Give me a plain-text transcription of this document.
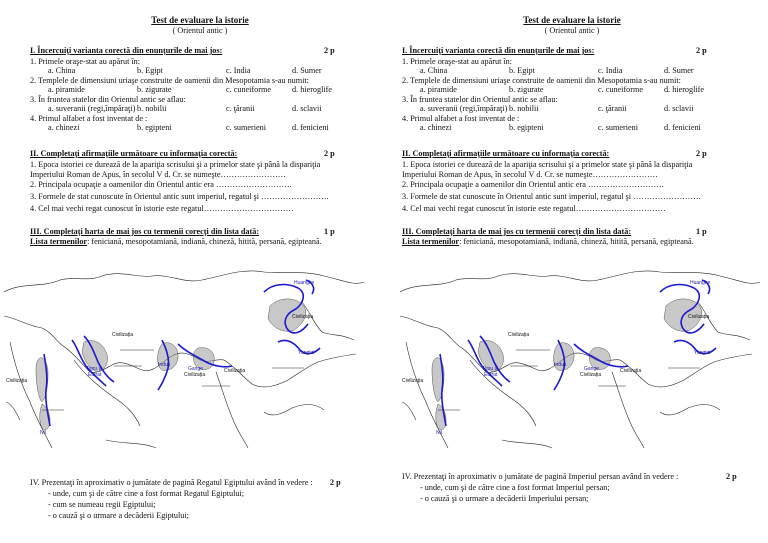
Test de evaluare la istorie
( Orientul antic )
I. Încercuiţi varianta corectă din enunţurile de mai jos:	2 p
1. Primele oraşe-stat au apărut în:
a. China	b. Egipt	c. India	d. Sumer
2. Templele de dimensiuni uriaşe construite de oamenii din Mesopotamia s-au numit:
a. piramide	b. zigurate	c. cuneiforme	d. hieroglife
3. În fruntea statelor din Orientul antic se aflau:
a. suveranii (regi,împăraţi) b. nobilii	c. ţăranii	d. sclavii
4. Primul alfabet a fost inventat de :
a. chinezi	b. egipteni	c. sumerieni	d. fenicieni
II. Completaţi afirmaţiile următoare cu informaţia corectă:	2 p
1. Epoca istoriei ce durează de la apariţia scrisului şi a primelor state şi până la dispariţia
Imperiului Roman de Apus, în secolul V d. Cr. se numeşte……………………
2. Principala ocupaţie a oamenilor din Orientul antic era ……………………….
3. Formele de stat cunoscute în Orientul antic sunt imperiul, regatul şi …………………….
4. Cel mai vechi regat cunoscut în istorie este regatul……………………………
III. Completaţi harta de mai jos cu termenii corecţi din lista dată:	1 p
Lista termenilor: feniciană, mesopotamiană, indiană, chineză, hitită, persană, egipteană.
Huanghe
Civilizaţia
Civilizaţia
Tigru şi
Eufrat
Civilizaţia
Yangtzi
Indus
Gange
Civilizaţia
Nil
Civilizaţia
IV. Prezentaţi în aproximativ o jumătate de pagină Regatul Egiptului având în vedere : 2 p
- unde, cum şi de către cine a fost format Regatul Egiptului;
- cum se numeau regii Egiptului;
- o cauză şi o urmare a decăderii Egiptului;
Test de evaluare la istorie
( Orientul antic )
I. Încercuiţi varianta corectă din enunţurile de mai jos:	2 p
1. Primele oraşe-stat au apărut în:
a. China	b. Egipt	c. India	d. Sumer
2. Templele de dimensiuni uriaşe construite de oamenii din Mesopotamia s-au numit:
a. piramide	b. zigurate	c. cuneiforme	d. hieroglife
3. În fruntea statelor din Orientul antic se aflau:
a. suveranii (regi,împăraţi) b. nobilii	c. ţăranii	d. sclavii
4. Primul alfabet a fost inventat de :
a. chinezi	b. egipteni	c. sumerieni	d. fenicieni
II. Completaţi afirmaţiile următoare cu informaţia corectă:	2 p
1. Epoca istoriei ce durează de la apariţia scrisului şi a primelor state şi până la dispariţia
Imperiului Roman de Apus, în secolul V d. Cr. se numeşte……………………
2. Principala ocupaţie a oamenilor din Orientul antic era ……………………….
3. Formele de stat cunoscute în Orientul antic sunt imperiul, regatul şi …………………….
4. Cel mai vechi regat cunoscut în istorie este regatul……………………………
III. Completaţi harta de mai jos cu termenii corecţi din lista dată:	1 p
Lista termenilor: feniciană, mesopotamiană, indiană, chineză, hitită, persană, egipteană.
Huanghe
Civilizaţia
Civilizaţia
Tigru şi
Eufrat
Civilizaţia
Yangtzi
Indus
Gange
Civilizaţia
Nil
Civilizaţia
IV. Prezentaţi în aproximativ o jumătate de pagină Imperiul persan având în vedere :	2 p
- unde, cum şi de către cine a fost format Imperiul persan;
- o cauză şi o urmare a decăderii Imperiului persan;
